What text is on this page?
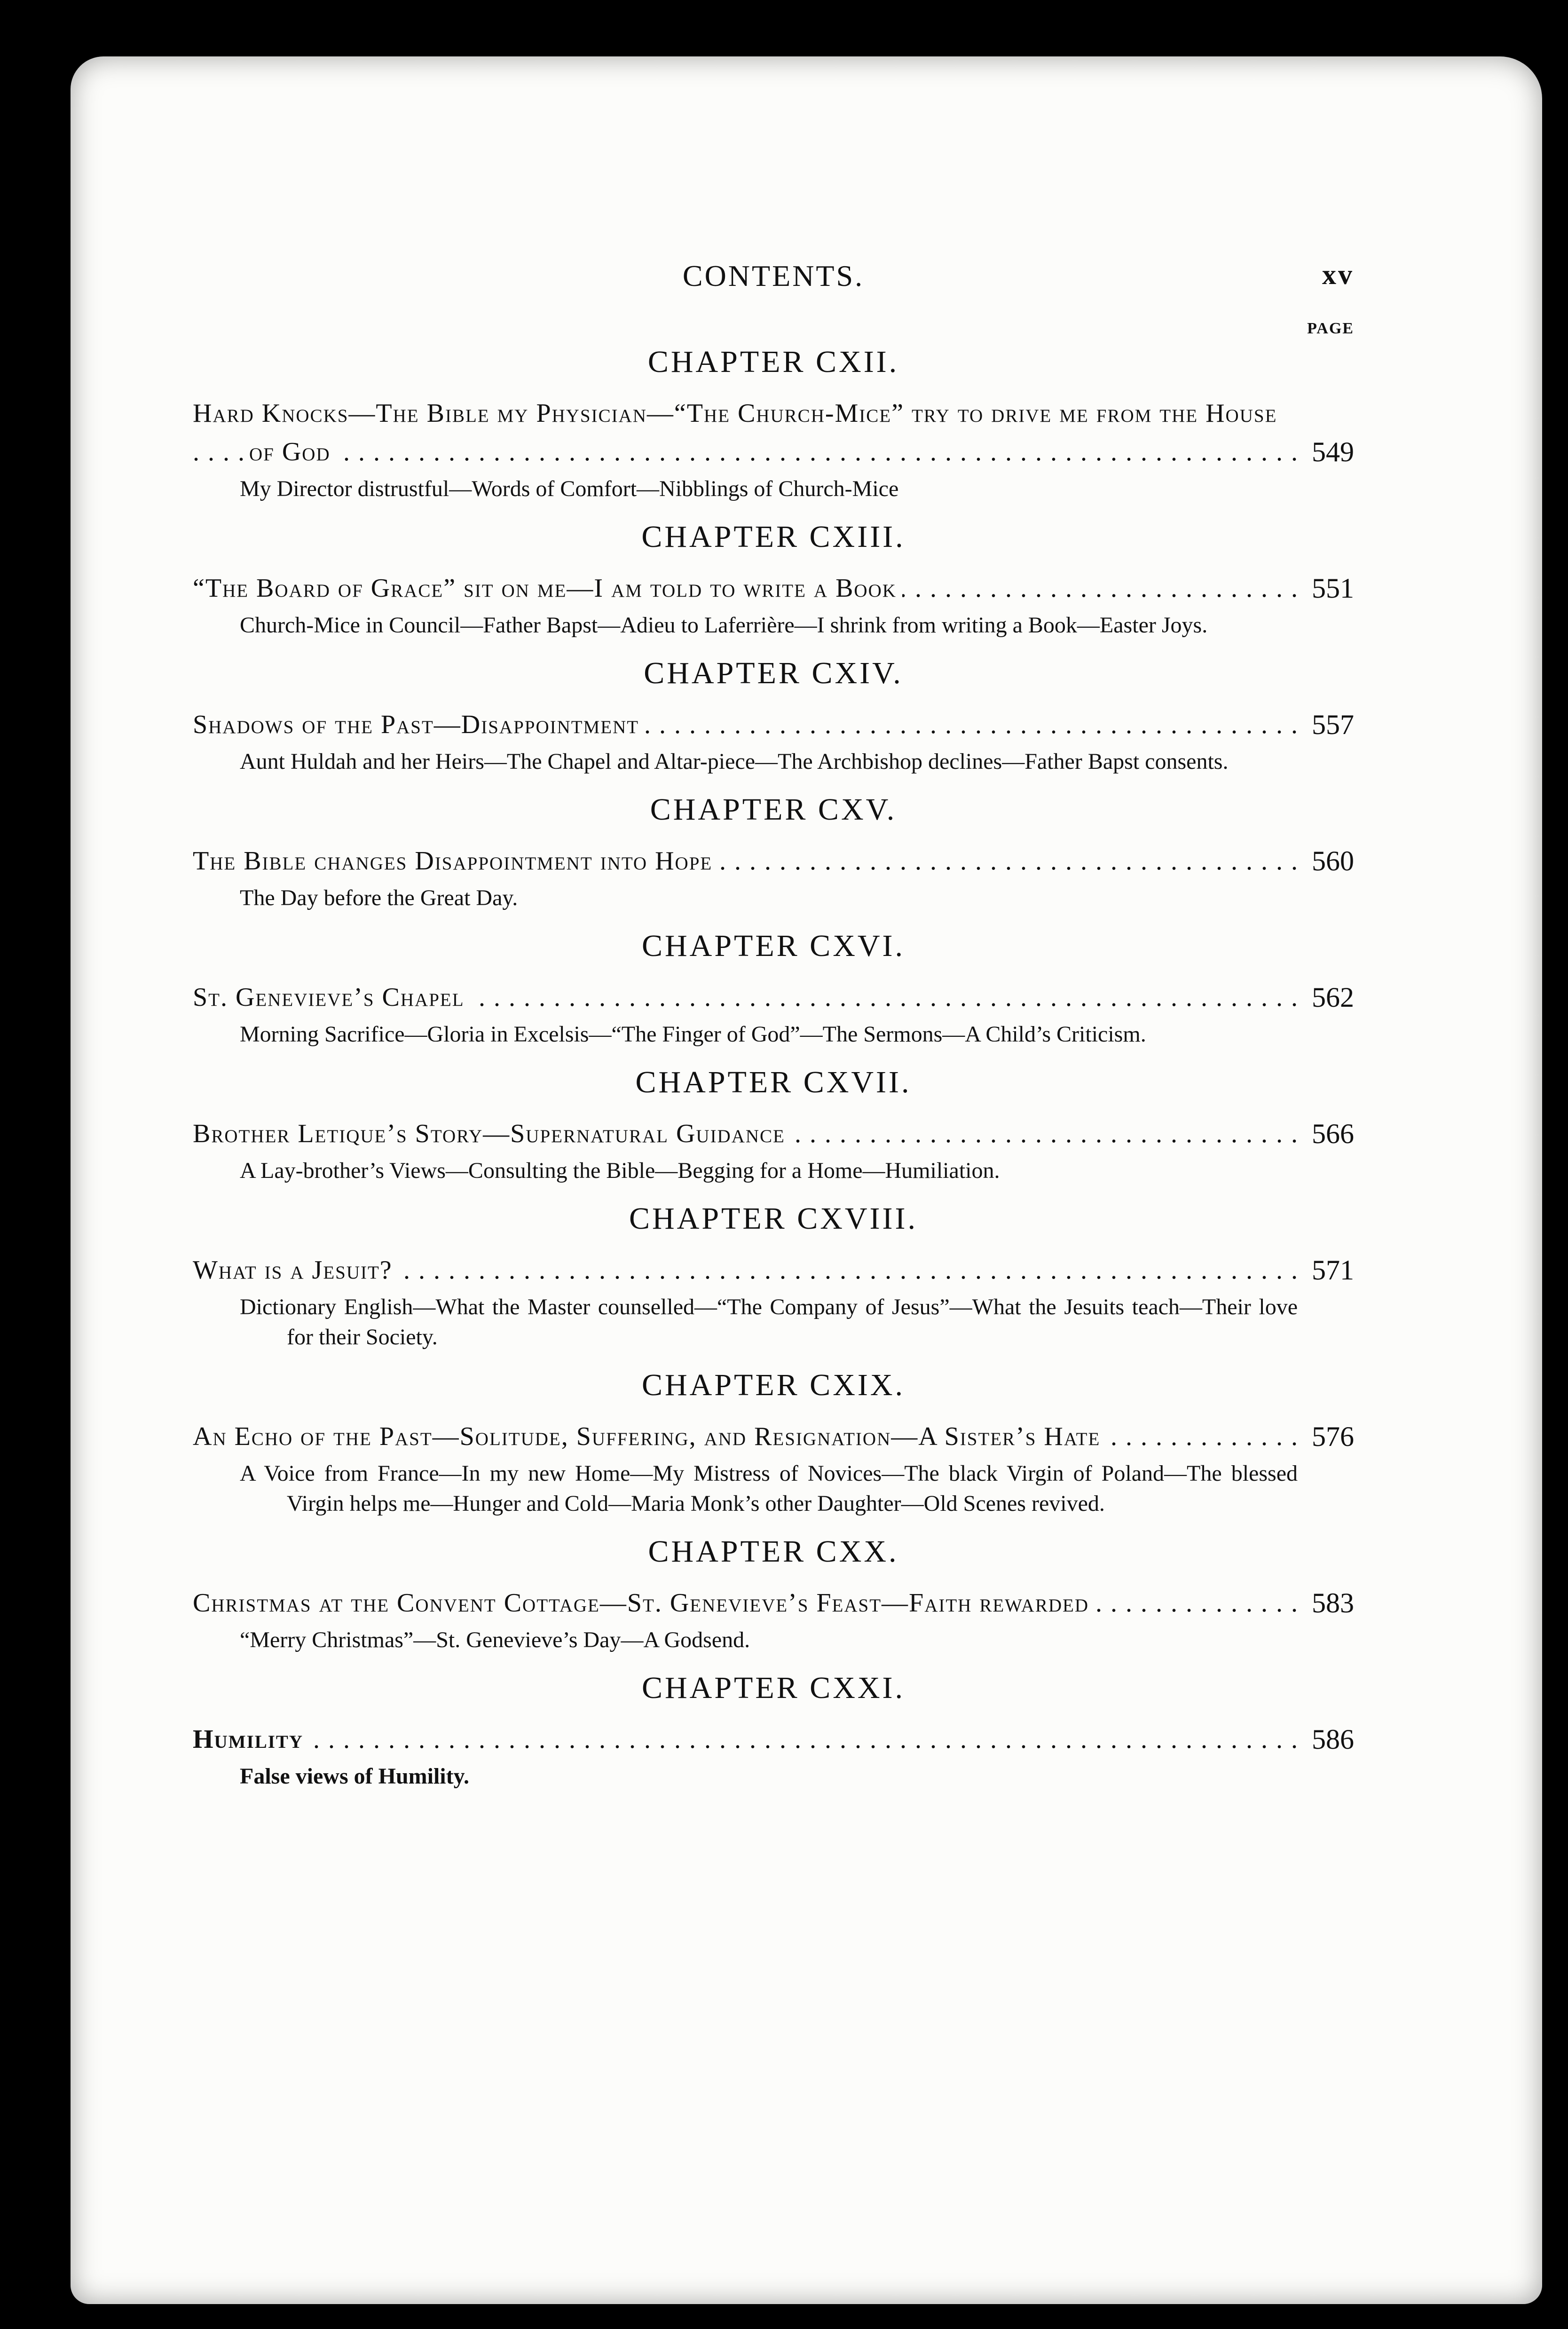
CONTENTS.	xv
PAGE
CHAPTER CXII.
Hard Knocks—The Bible my Physician—“The Church-Mice” try to drive me from the House of God . . .	549
My Director distrustful—Words of Comfort—Nibblings of Church-Mice
CHAPTER CXIII.
“The Board of Grace” sit on me—I am told to write a Book . . .	551
Church-Mice in Council—Father Bapst—Adieu to Laferrière—I shrink from writing a Book—Easter Joys.
CHAPTER CXIV.
Shadows of the Past—Disappointment . . .	557
Aunt Huldah and her Heirs—The Chapel and Altar-piece—The Archbishop declines—Father Bapst consents.
CHAPTER CXV.
The Bible changes Disappointment into Hope . . .	560
The Day before the Great Day.
CHAPTER CXVI.
St. Genevieve’s Chapel . . .	562
Morning Sacrifice—Gloria in Excelsis—“The Finger of God”—The Sermons—A Child’s Criticism.
CHAPTER CXVII.
Brother Letique’s Story—Supernatural Guidance . . .	566
A Lay-brother’s Views—Consulting the Bible—Begging for a Home—Humiliation.
CHAPTER CXVIII.
What is a Jesuit? . . .	571
Dictionary English—What the Master counselled—“The Company of Jesus”—What the Jesuits teach—Their love for their Society.
CHAPTER CXIX.
An Echo of the Past—Solitude, Suffering, and Resignation—A Sister’s Hate . . .	576
A Voice from France—In my new Home—My Mistress of Novices—The black Virgin of Poland—The blessed Virgin helps me—Hunger and Cold—Maria Monk’s other Daughter—Old Scenes revived.
CHAPTER CXX.
Christmas at the Convent Cottage—St. Genevieve’s Feast—Faith rewarded . . .	583
“Merry Christmas”—St. Genevieve’s Day—A Godsend.
CHAPTER CXXI.
Humility . . .	586
False views of Humility.
